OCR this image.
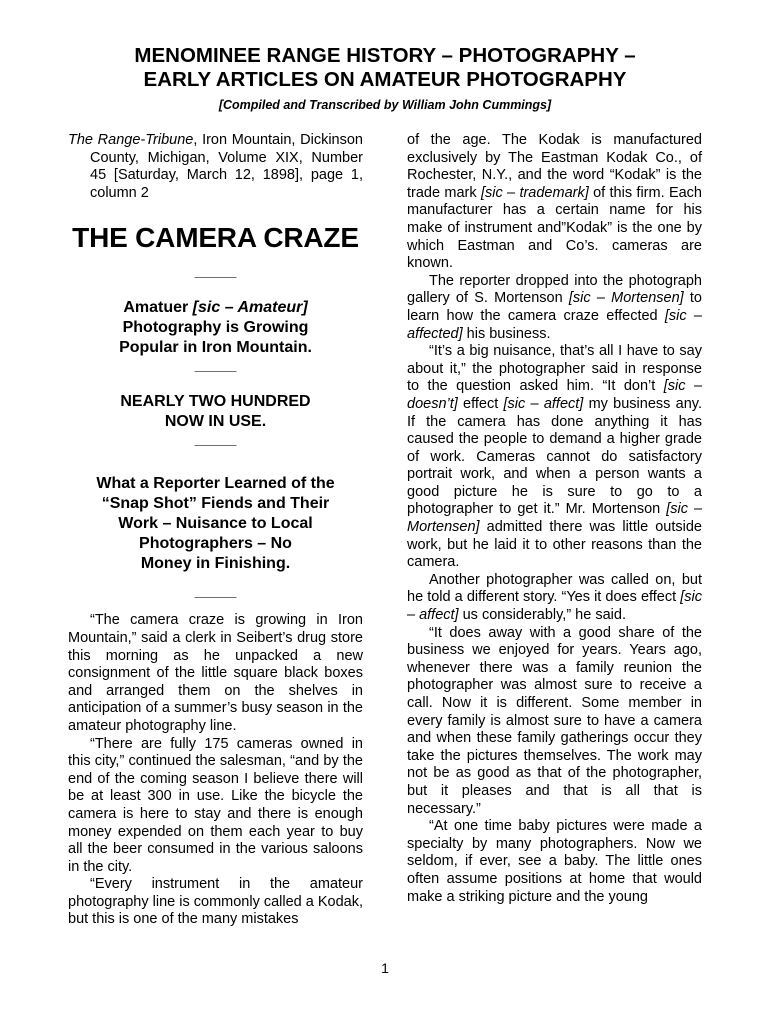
MENOMINEE RANGE HISTORY – PHOTOGRAPHY –
EARLY ARTICLES ON AMATEUR PHOTOGRAPHY

[Compiled and Transcribed by William John Cummings]

The Range-Tribune, Iron Mountain, Dickinson County, Michigan, Volume XIX, Number 45 [Saturday, March 12, 1898], page 1, column 2

THE CAMERA CRAZE

_____

Amatuer [sic – Amateur]
Photography is Growing
Popular in Iron Mountain.

_____

NEARLY TWO HUNDRED
NOW IN USE.

_____

What a Reporter Learned of the
“Snap Shot” Fiends and Their
Work – Nuisance to Local
Photographers – No
Money in Finishing.

_____

“The camera craze is growing in Iron Mountain,” said a clerk in Seibert’s drug store this morning as he unpacked a new consignment of the little square black boxes and arranged them on the shelves in anticipation of a summer’s busy season in the amateur photography line.

“There are fully 175 cameras owned in this city,” continued the salesman, “and by the end of the coming season I believe there will be at least 300 in use. Like the bicycle the camera is here to stay and there is enough money expended on them each year to buy all the beer consumed in the various saloons in the city.

“Every instrument in the amateur photography line is commonly called a Kodak, but this is one of the many mistakes

of the age. The Kodak is manufactured exclusively by The Eastman Kodak Co., of Rochester, N.Y., and the word “Kodak” is the trade mark [sic – trademark] of this firm. Each manufacturer has a certain name for his make of instrument and”Kodak” is the one by which Eastman and Co’s. cameras are known.

The reporter dropped into the photograph gallery of S. Mortenson [sic – Mortensen] to learn how the camera craze effected [sic – affected] his business.

“It’s a big nuisance, that’s all I have to say about it,” the photographer said in response to the question asked him. “It don’t [sic – doesn’t] effect [sic – affect] my business any. If the camera has done anything it has caused the people to demand a higher grade of work. Cameras cannot do satisfactory portrait work, and when a person wants a good picture he is sure to go to a photographer to get it.” Mr. Mortenson [sic – Mortensen] admitted there was little outside work, but he laid it to other reasons than the camera.

Another photographer was called on, but he told a different story. “Yes it does effect [sic – affect] us considerably,” he said.

“It does away with a good share of the business we enjoyed for years. Years ago, whenever there was a family reunion the photographer was almost sure to receive a call. Now it is different. Some member in every family is almost sure to have a camera and when these family gatherings occur they take the pictures themselves. The work may not be as good as that of the photographer, but it pleases and that is all that is necessary.”

“At one time baby pictures were made a specialty by many photographers. Now we seldom, if ever, see a baby. The little ones often assume positions at home that would make a striking picture and the young

1
